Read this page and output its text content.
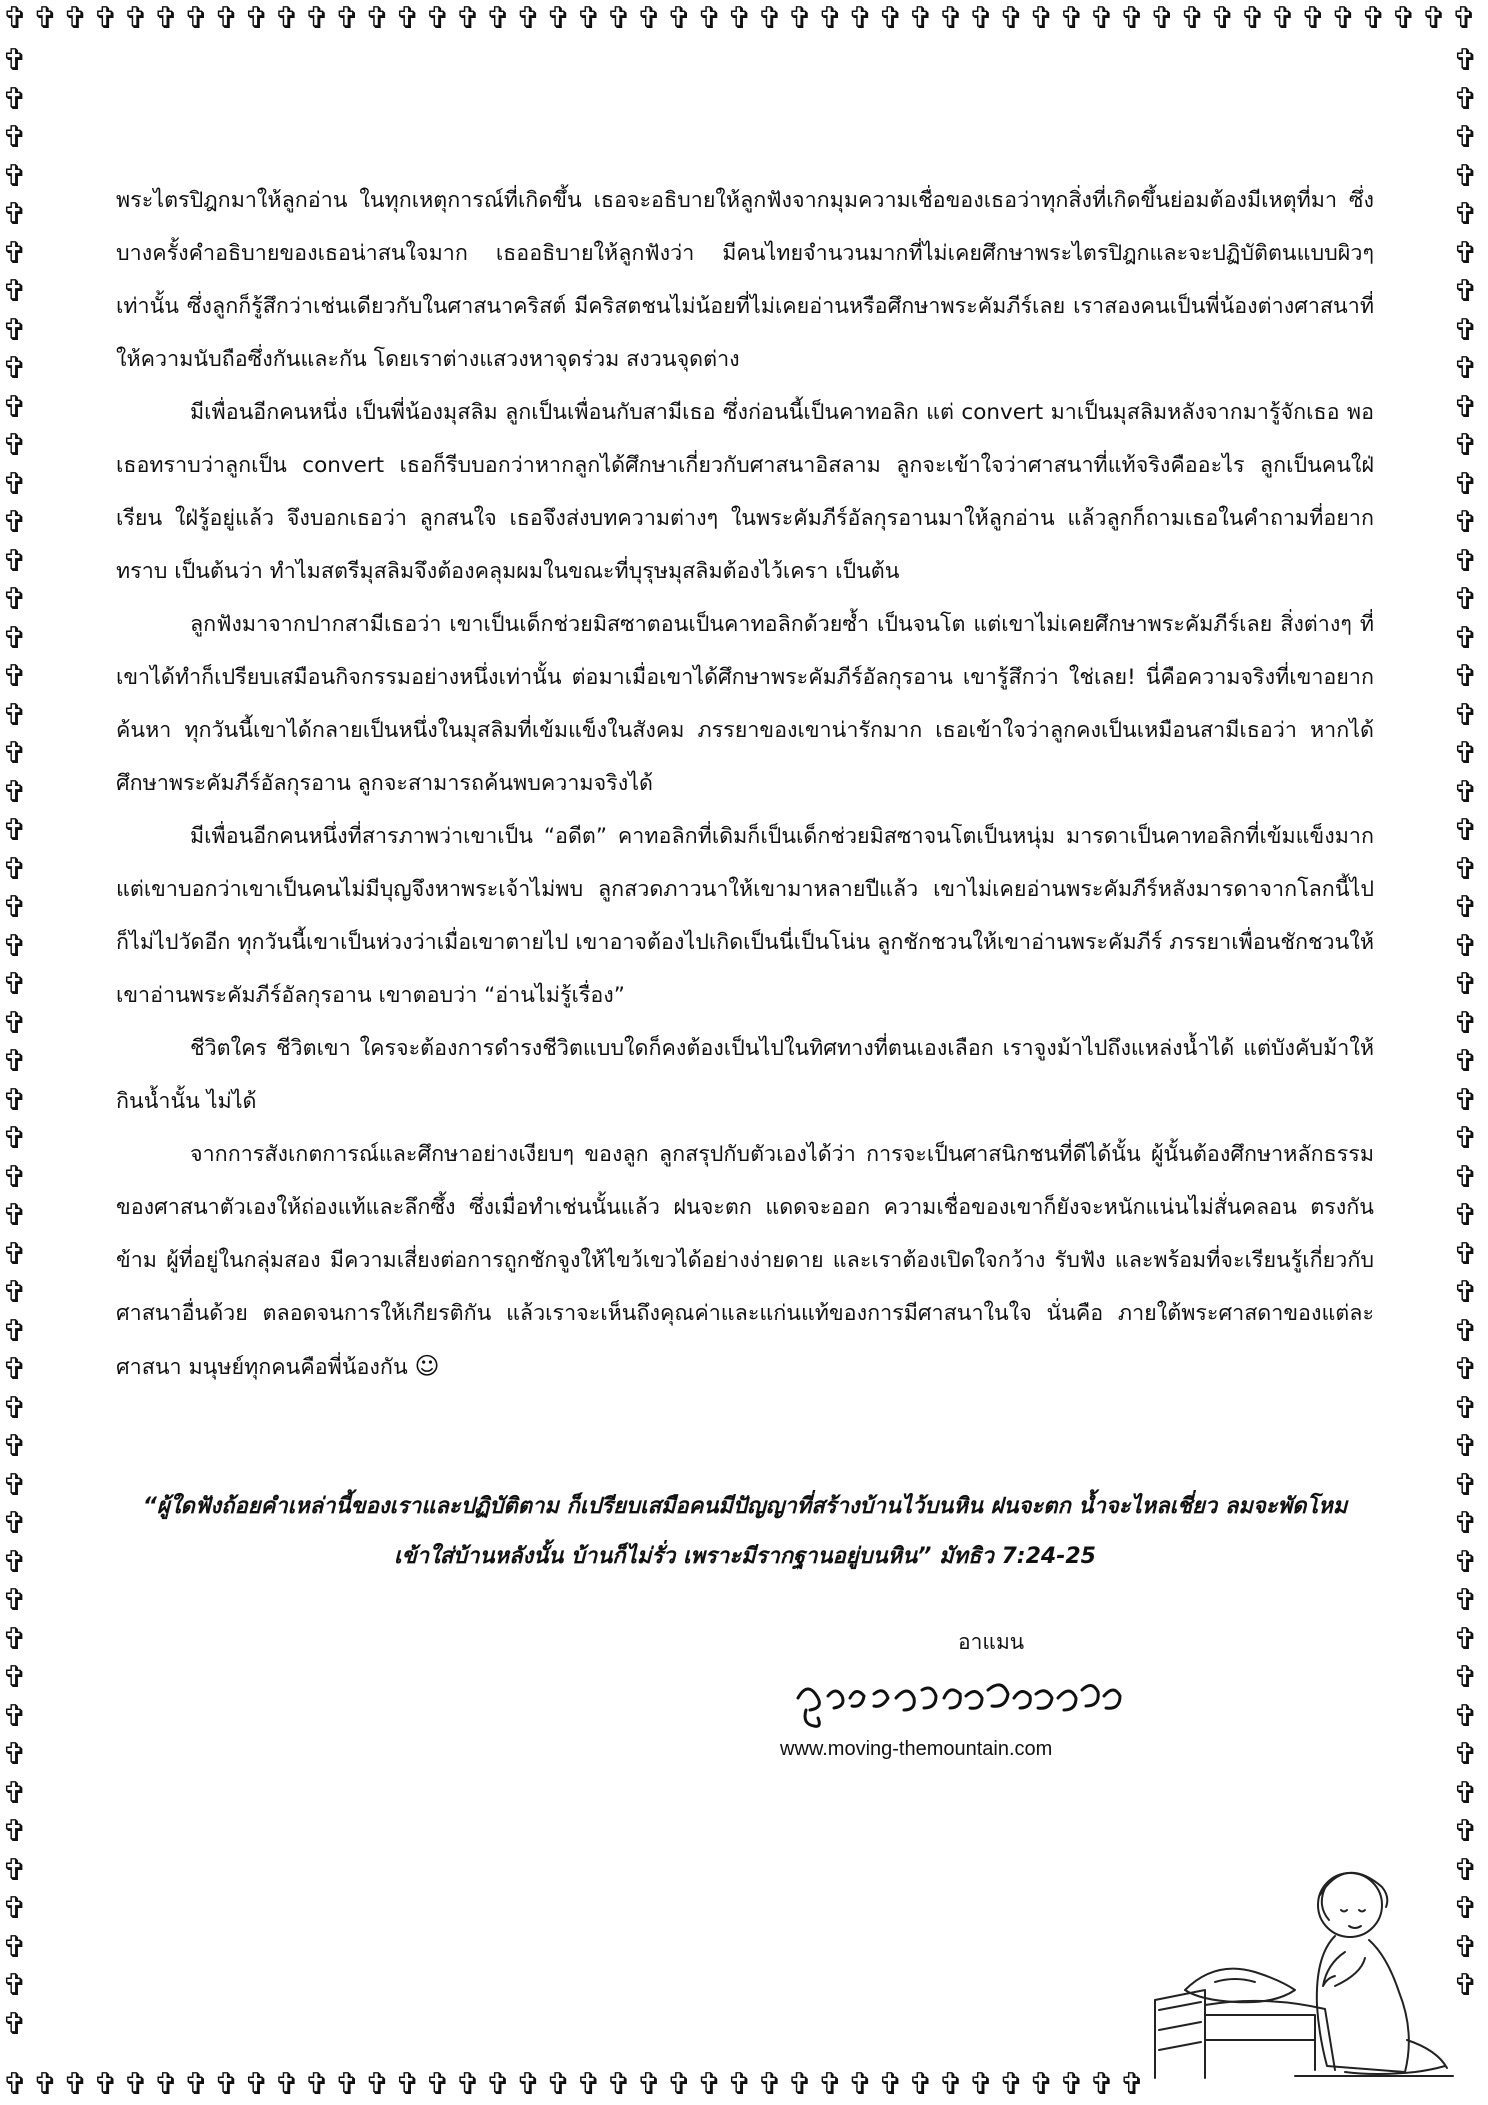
✞ ✞ ✞ ✞ ✞ ✞ ✞ ✞ ✞ ✞ ✞ ✞ ✞ ✞ ✞ ✞ ✞ ✞ ✞ ✞ ✞ ✞ ✞ ✞ ✞ ✞ ✞ ✞ ✞ ✞ ✞ ✞ ✞ ✞ ✞ ✞ ✞ ✞ ✞ ✞ ✞ ✞ ✞ ✞ ✞ ✞ ✞ ✞ ✞
✞ ✞ ✞ ✞ ✞ ✞ ✞ ✞ ✞ ✞ ✞ ✞ ✞ ✞ ✞ ✞ ✞ ✞ ✞ ✞ ✞ ✞ ✞ ✞ ✞ ✞ ✞ ✞ ✞ ✞ ✞ ✞ ✞ ✞ ✞ ✞ ✞ ✞
✞
✞
✞
✞
✞
✞
✞
✞
✞
✞
✞
✞
✞
✞
✞
✞
✞
✞
✞
✞
✞
✞
✞
✞
✞
✞
✞
✞
✞
✞
✞
✞
✞
✞
✞
✞
✞
✞
✞
✞
✞
✞
✞
✞
✞
✞
✞
✞
✞
✞
✞
✞
✞
✞
✞
✞
✞
✞
✞
✞
✞
✞
✞
✞
✞
✞
✞
✞
✞
✞
✞
✞
✞
✞
✞
✞
✞
✞
✞
✞
✞
✞
✞
✞
✞
✞
✞
✞
✞
✞
✞
✞
✞
✞
✞
✞
✞
✞
✞
✞
✞
✞
✞

พระไตรปิฎกมาให้ลูกอ่าน ในทุกเหตุการณ์ที่เกิดขึ้น เธอจะอธิบายให้ลูกฟังจากมุมความเชื่อของเธอว่าทุกสิ่งที่เกิดขึ้นย่อมต้องมีเหตุที่มา ซึ่งบางครั้งคำอธิบายของเธอน่าสนใจมาก เธออธิบายให้ลูกฟังว่า มีคนไทยจำนวนมากที่ไม่เคยศึกษาพระไตรปิฎกและจะปฏิบัติตนแบบผิวๆ เท่านั้น ซึ่งลูกก็รู้สึกว่าเช่นเดียวกับในศาสนาคริสต์ มีคริสตชนไม่น้อยที่ไม่เคยอ่านหรือศึกษาพระคัมภีร์เลย เราสองคนเป็นพี่น้องต่างศาสนาที่ให้ความนับถือซึ่งกันและกัน โดยเราต่างแสวงหาจุดร่วม สงวนจุดต่าง

มีเพื่อนอีกคนหนึ่ง เป็นพี่น้องมุสลิม ลูกเป็นเพื่อนกับสามีเธอ ซึ่งก่อนนี้เป็นคาทอลิก แต่ convert มาเป็นมุสลิมหลังจากมารู้จักเธอ พอเธอทราบว่าลูกเป็น convert เธอก็รีบบอกว่าหากลูกได้ศึกษาเกี่ยวกับศาสนาอิสลาม ลูกจะเข้าใจว่าศาสนาที่แท้จริงคืออะไร ลูกเป็นคนใฝ่เรียน ใฝ่รู้อยู่แล้ว จึงบอกเธอว่า ลูกสนใจ เธอจึงส่งบทความต่างๆ ในพระคัมภีร์อัลกุรอานมาให้ลูกอ่าน แล้วลูกก็ถามเธอในคำถามที่อยากทราบ เป็นต้นว่า ทำไมสตรีมุสลิมจึงต้องคลุมผมในขณะที่บุรุษมุสลิมต้องไว้เครา เป็นต้น

ลูกฟังมาจากปากสามีเธอว่า เขาเป็นเด็กช่วยมิสซาตอนเป็นคาทอลิกด้วยซ้ำ เป็นจนโต แต่เขาไม่เคยศึกษาพระคัมภีร์เลย สิ่งต่างๆ ที่เขาได้ทำก็เปรียบเสมือนกิจกรรมอย่างหนึ่งเท่านั้น ต่อมาเมื่อเขาได้ศึกษาพระคัมภีร์อัลกุรอาน เขารู้สึกว่า ใช่เลย! นี่คือความจริงที่เขาอยากค้นหา ทุกวันนี้เขาได้กลายเป็นหนึ่งในมุสลิมที่เข้มแข็งในสังคม ภรรยาของเขาน่ารักมาก เธอเข้าใจว่าลูกคงเป็นเหมือนสามีเธอว่า หากได้ศึกษาพระคัมภีร์อัลกุรอาน ลูกจะสามารถค้นพบความจริงได้

มีเพื่อนอีกคนหนึ่งที่สารภาพว่าเขาเป็น “อดีต” คาทอลิกที่เดิมก็เป็นเด็กช่วยมิสซาจนโตเป็นหนุ่ม มารดาเป็นคาทอลิกที่เข้มแข็งมาก แต่เขาบอกว่าเขาเป็นคนไม่มีบุญจึงหาพระเจ้าไม่พบ ลูกสวดภาวนาให้เขามาหลายปีแล้ว เขาไม่เคยอ่านพระคัมภีร์หลังมารดาจากโลกนี้ไป ก็ไม่ไปวัดอีก ทุกวันนี้เขาเป็นห่วงว่าเมื่อเขาตายไป เขาอาจต้องไปเกิดเป็นนี่เป็นโน่น ลูกชักชวนให้เขาอ่านพระคัมภีร์ ภรรยาเพื่อนชักชวนให้เขาอ่านพระคัมภีร์อัลกุรอาน เขาตอบว่า “อ่านไม่รู้เรื่อง”

ชีวิตใคร ชีวิตเขา ใครจะต้องการดำรงชีวิตแบบใดก็คงต้องเป็นไปในทิศทางที่ตนเองเลือก เราจูงม้าไปถึงแหล่งน้ำได้ แต่บังคับม้าให้กินน้ำนั้น ไม่ได้

จากการสังเกตการณ์และศึกษาอย่างเงียบๆ ของลูก ลูกสรุปกับตัวเองได้ว่า การจะเป็นศาสนิกชนที่ดีได้นั้น ผู้นั้นต้องศึกษาหลักธรรมของศาสนาตัวเองให้ถ่องแท้และลึกซึ้ง ซึ่งเมื่อทำเช่นนั้นแล้ว ฝนจะตก แดดจะออก ความเชื่อของเขาก็ยังจะหนักแน่นไม่สั่นคลอน ตรงกันข้าม ผู้ที่อยู่ในกลุ่มสอง มีความเสี่ยงต่อการถูกชักจูงให้ไขว้เขวได้อย่างง่ายดาย และเราต้องเปิดใจกว้าง รับฟัง และพร้อมที่จะเรียนรู้เกี่ยวกับศาสนาอื่นด้วย ตลอดจนการให้เกียรติกัน แล้วเราจะเห็นถึงคุณค่าและแก่นแท้ของการมีศาสนาในใจ นั่นคือ ภายใต้พระศาสดาของแต่ละศาสนา มนุษย์ทุกคนคือพี่น้องกัน ☺

“ผู้ใดฟังถ้อยคำเหล่านี้ของเราและปฏิบัติตาม ก็เปรียบเสมือคนมีปัญญาที่สร้างบ้านไว้บนหิน ฝนจะตก น้ำจะไหลเชี่ยว ลมจะพัดโหมเข้าใส่บ้านหลังนั้น บ้านก็ไม่รั่ว เพราะมีรากฐานอยู่บนหิน” มัทธิว 7:24-25

อาแมน
www.moving-themountain.com
